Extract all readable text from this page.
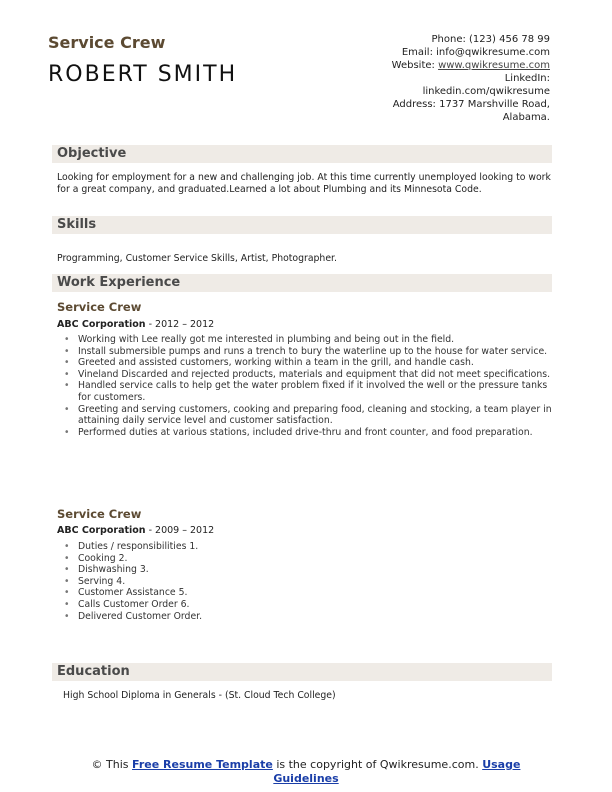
Service Crew
ROBERT SMITH
Phone: (123) 456 78 99
Email: info@qwikresume.com
Website: www.qwikresume.com
LinkedIn:
linkedin.com/qwikresume
Address: 1737 Marshville Road,
Alabama.
Objective
Looking for employment for a new and challenging job. At this time currently unemployed looking to work for a great company, and graduated.Learned a lot about Plumbing and its Minnesota Code.
Skills
Programming, Customer Service Skills, Artist, Photographer.
Work Experience
Service Crew
ABC Corporation - 2012 – 2012
• Working with Lee really got me interested in plumbing and being out in the field.
• Install submersible pumps and runs a trench to bury the waterline up to the house for water service.
• Greeted and assisted customers, working within a team in the grill, and handle cash.
• Vineland Discarded and rejected products, materials and equipment that did not meet specifications.
• Handled service calls to help get the water problem fixed if it involved the well or the pressure tanks for customers.
• Greeting and serving customers, cooking and preparing food, cleaning and stocking, a team player in attaining daily service level and customer satisfaction.
• Performed duties at various stations, included drive-thru and front counter, and food preparation.
Service Crew
ABC Corporation - 2009 – 2012
• Duties / responsibilities 1.
• Cooking 2.
• Dishwashing 3.
• Serving 4.
• Customer Assistance 5.
• Calls Customer Order 6.
• Delivered Customer Order.
Education
High School Diploma in Generals - (St. Cloud Tech College)
© This Free Resume Template is the copyright of Qwikresume.com. Usage
Guidelines
